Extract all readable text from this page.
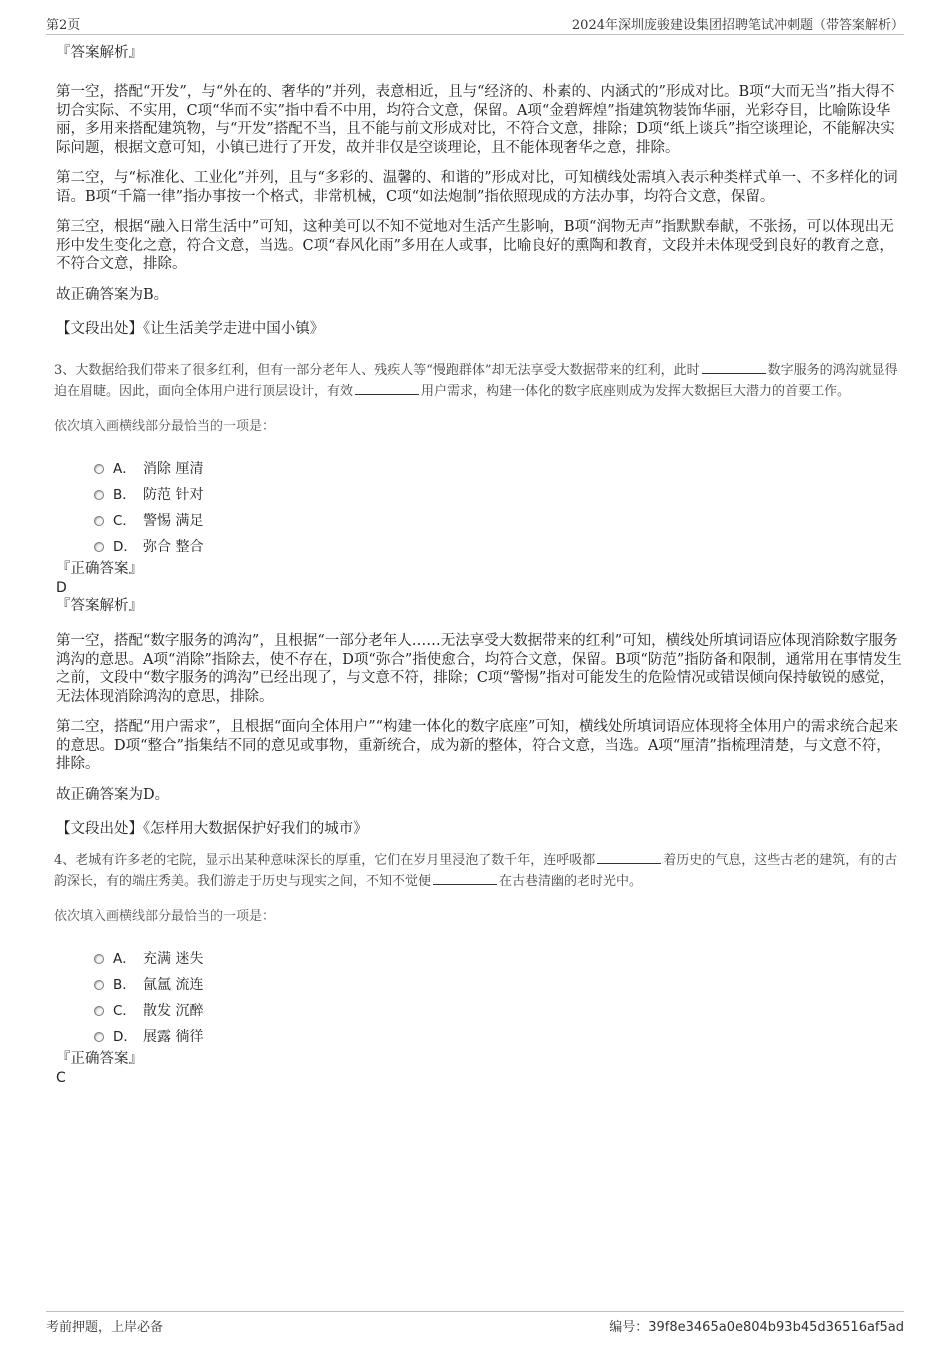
第2页	2024年深圳庞骏建设集团招聘笔试冲刺题（带答案解析）
『答案解析』

第一空，搭配“开发”，与“外在的、奢华的”并列，表意相近，且与“经济的、朴素的、内涵式的”形成对比。B项“大而无当”指大得不切合实际、不实用，C项“华而不实”指中看不中用，均符合文意，保留。A项“金碧辉煌”指建筑物装饰华丽，光彩夺目，比喻陈设华丽，多用来搭配建筑物，与“开发”搭配不当，且不能与前文形成对比，不符合文意，排除；D项“纸上谈兵”指空谈理论，不能解决实际问题，根据文意可知，小镇已进行了开发，故并非仅是空谈理论，且不能体现奢华之意，排除。

第二空，与“标准化、工业化”并列，且与“多彩的、温馨的、和谐的”形成对比，可知横线处需填入表示种类样式单一、不多样化的词语。B项“千篇一律”指办事按一个格式，非常机械，C项“如法炮制”指依照现成的方法办事，均符合文意，保留。

第三空，根据“融入日常生活中”可知，这种美可以不知不觉地对生活产生影响，B项“润物无声”指默默奉献，不张扬，可以体现出无形中发生变化之意，符合文意，当选。C项“春风化雨”多用在人或事，比喻良好的熏陶和教育，文段并未体现受到良好的教育之意，不符合文意，排除。

故正确答案为B。

【文段出处】《让生活美学走进中国小镇》
3、大数据给我们带来了很多红利，但有一部分老年人、残疾人等“慢跑群体”却无法享受大数据带来的红利，此时	数字服务的鸿沟就显得迫在眉睫。因此，面向全体用户进行顶层设计，有效	用户需求，构建一体化的数字底座则成为发挥大数据巨大潜力的首要工作。
依次填入画横线部分最恰当的一项是：
A． 消除 厘清
B． 防范 针对
C． 警惕 满足
D． 弥合 整合
『正确答案』
D
『答案解析』

第一空，搭配“数字服务的鸿沟”，且根据“一部分老年人……无法享受大数据带来的红利”可知，横线处所填词语应体现消除数字服务鸿沟的意思。A项“消除”指除去，使不存在，D项“弥合”指使愈合，均符合文意，保留。B项“防范”指防备和限制，通常用在事情发生之前，文段中“数字服务的鸿沟”已经出现了，与文意不符，排除；C项“警惕”指对可能发生的危险情况或错误倾向保持敏锐的感觉，无法体现消除鸿沟的意思，排除。

第二空，搭配“用户需求”，且根据“面向全体用户”“构建一体化的数字底座”可知，横线处所填词语应体现将全体用户的需求统合起来的意思。D项“整合”指集结不同的意见或事物，重新统合，成为新的整体，符合文意，当选。A项“厘清”指梳理清楚，与文意不符，排除。

故正确答案为D。

【文段出处】《怎样用大数据保护好我们的城市》
4、老城有许多老的宅院，显示出某种意味深长的厚重，它们在岁月里浸泡了数千年，连呼吸都	着历史的气息，这些古老的建筑，有的古韵深长，有的端庄秀美。我们游走于历史与现实之间，不知不觉便	在古巷清幽的老时光中。
依次填入画横线部分最恰当的一项是：
A． 充满 迷失
B． 氤氲 流连
C． 散发 沉醉
D． 展露 徜徉
『正确答案』
C
考前押题，上岸必备	编号：39f8e3465a0e804b93b45d36516af5ad
